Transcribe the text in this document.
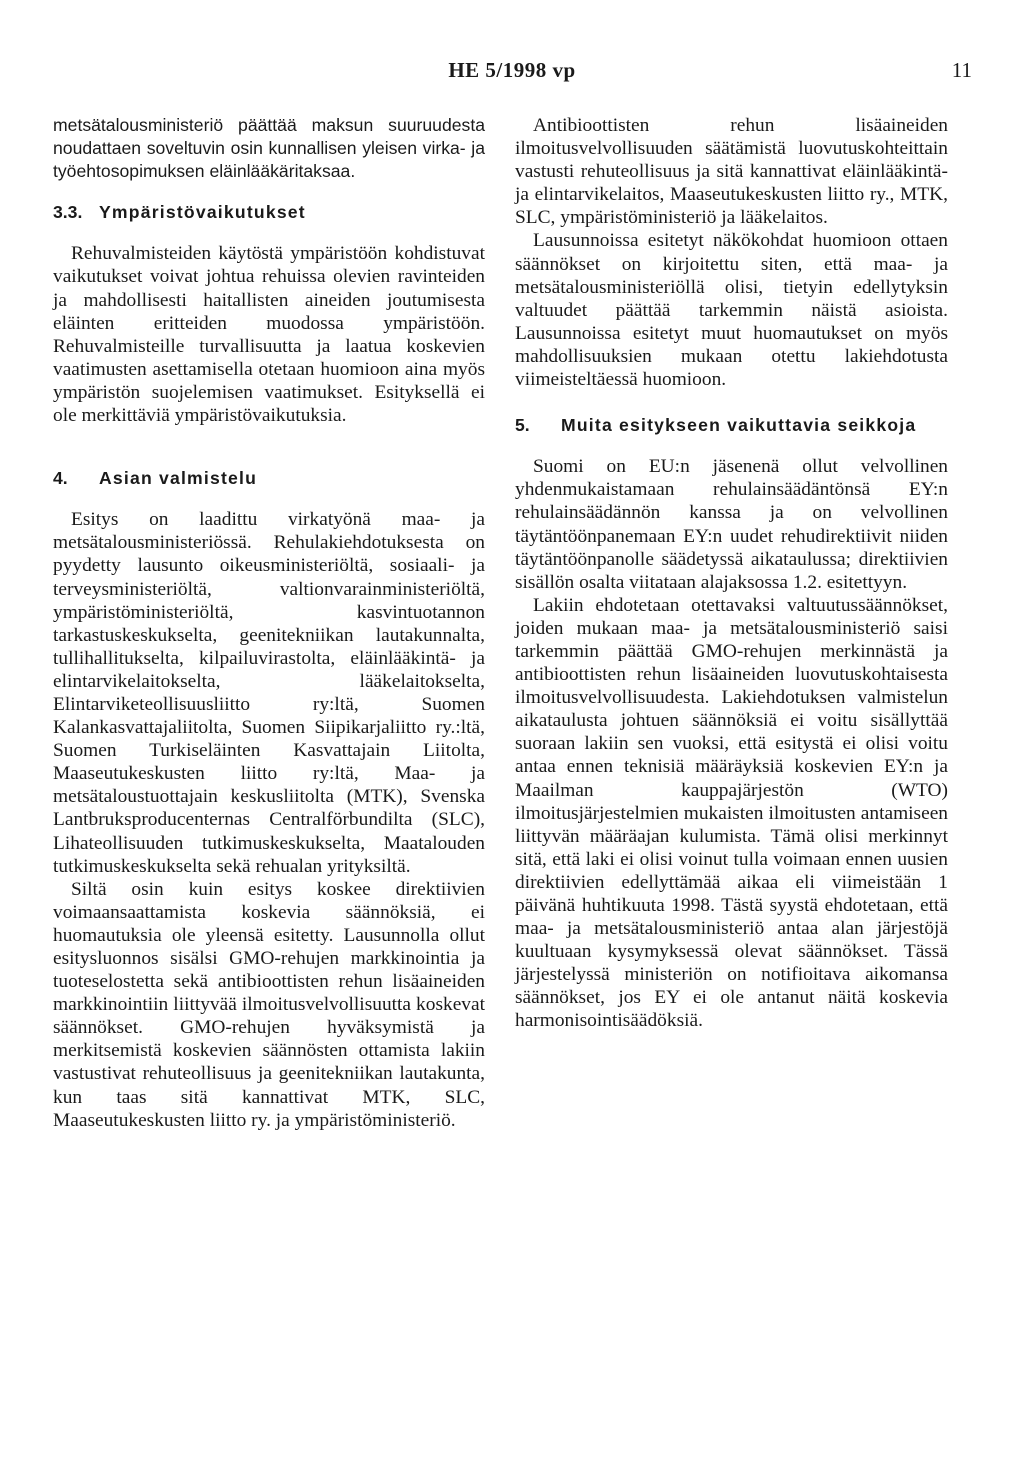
HE 5/1998 vp	11

metsätalousministeriö päättää maksun suuruudesta noudattaen soveltuvin osin kunnallisen yleisen virka- ja työehtosopimuksen eläinlääkäritaksaa.

3.3. Ympäristövaikutukset

Rehuvalmisteiden käytöstä ympäristöön kohdistuvat vaikutukset voivat johtua rehuissa olevien ravinteiden ja mahdollisesti haitallisten aineiden joutumisesta eläinten eritteiden muodossa ympäristöön. Rehuvalmisteille turvallisuutta ja laatua koskevien vaatimusten asettamisella otetaan huomioon aina myös ympäristön suojelemisen vaatimukset. Esityksellä ei ole merkittäviä ympäristövaikutuksia.

4. Asian valmistelu

Esitys on laadittu virkatyönä maa- ja metsätalousministeriössä. Rehulakiehdotuksesta on pyydetty lausunto oikeusministeriöltä, sosiaali- ja terveysministeriöltä, valtionvarainministeriöltä, ympäristöministeriöltä, kasvintuotannon tarkastuskeskukselta, geenitekniikan lautakunnalta, tullihallitukselta, kilpailuvirastolta, eläinlääkintä- ja elintarvikelaitokselta, lääkelaitokselta, Elintarviketeollisuusliitto ry:ltä, Suomen Kalankasvattajaliitolta, Suomen Siipikarjaliitto ry.:ltä, Suomen Turkiseläinten Kasvattajain Liitolta, Maaseutukeskusten liitto ry:ltä, Maa- ja metsätaloustuottajain keskusliitolta (MTK), Svenska Lantbruksproducenternas Centralförbundilta (SLC), Lihateollisuuden tutkimuskeskukselta, Maatalouden tutkimuskeskukselta sekä rehualan yrityksiltä.

Siltä osin kuin esitys koskee direktiivien voimaansaattamista koskevia säännöksiä, ei huomautuksia ole yleensä esitetty. Lausunnolla ollut esitysluonnos sisälsi GMO-rehujen markkinointia ja tuoteselostetta sekä antibioottisten rehun lisäaineiden markkinointiin liittyvää ilmoitusvelvollisuutta koskevat säännökset. GMO-rehujen hyväksymistä ja merkitsemistä koskevien säännösten ottamista lakiin vastustivat rehuteollisuus ja geenitekniikan lautakunta, kun taas sitä kannattivat MTK, SLC, Maaseutukeskusten liitto ry. ja ympäristöministeriö.

Antibioottisten rehun lisäaineiden ilmoitusvelvollisuuden säätämistä luovutuskohteittain vastusti rehuteollisuus ja sitä kannattivat eläinlääkintä- ja elintarvikelaitos, Maaseutukeskusten liitto ry., MTK, SLC, ympäristöministeriö ja lääkelaitos.

Lausunnoissa esitetyt näkökohdat huomioon ottaen säännökset on kirjoitettu siten, että maa- ja metsätalousministeriöllä olisi, tietyin edellytyksin valtuudet päättää tarkemmin näistä asioista. Lausunnoissa esitetyt muut huomautukset on myös mahdollisuuksien mukaan otettu lakiehdotusta viimeisteltäessä huomioon.

5.	Muita esitykseen vaikuttavia seikkoja

Suomi on EU:n jäsenenä ollut velvollinen yhdenmukaistamaan rehulainsäädäntönsä EY:n rehulainsäädännön kanssa ja on velvollinen täytäntöönpanemaan EY:n uudet rehudirektiivit niiden täytäntöönpanolle säädetyssä aikataulussa; direktiivien sisällön osalta viitataan alajaksossa 1.2. esitettyyn.

Lakiin ehdotetaan otettavaksi valtuutussäännökset, joiden mukaan maa- ja metsätalousministeriö saisi tarkemmin päättää GMO-rehujen merkinnästä ja antibioottisten rehun lisäaineiden luovutuskohtaisesta ilmoitusvelvollisuudesta. Lakiehdotuksen valmistelun aikataulusta johtuen säännöksiä ei voitu sisällyttää suoraan lakiin sen vuoksi, että esitystä ei olisi voitu antaa ennen teknisiä määräyksiä koskevien EY:n ja Maailman kauppajärjestön (WTO) ilmoitusjärjestelmien mukaisten ilmoitusten antamiseen liittyvän määräajan kulumista. Tämä olisi merkinnyt sitä, että laki ei olisi voinut tulla voimaan ennen uusien direktiivien edellyttämää aikaa eli viimeistään 1 päivänä huhtikuuta 1998. Tästä syystä ehdotetaan, että maa- ja metsätalousministeriö antaa alan järjestöjä kuultuaan kysymyksessä olevat säännökset. Tässä järjestelyssä ministeriön on notifioitava aikomansa säännökset, jos EY ei ole antanut näitä koskevia harmonisointisäädöksiä.
